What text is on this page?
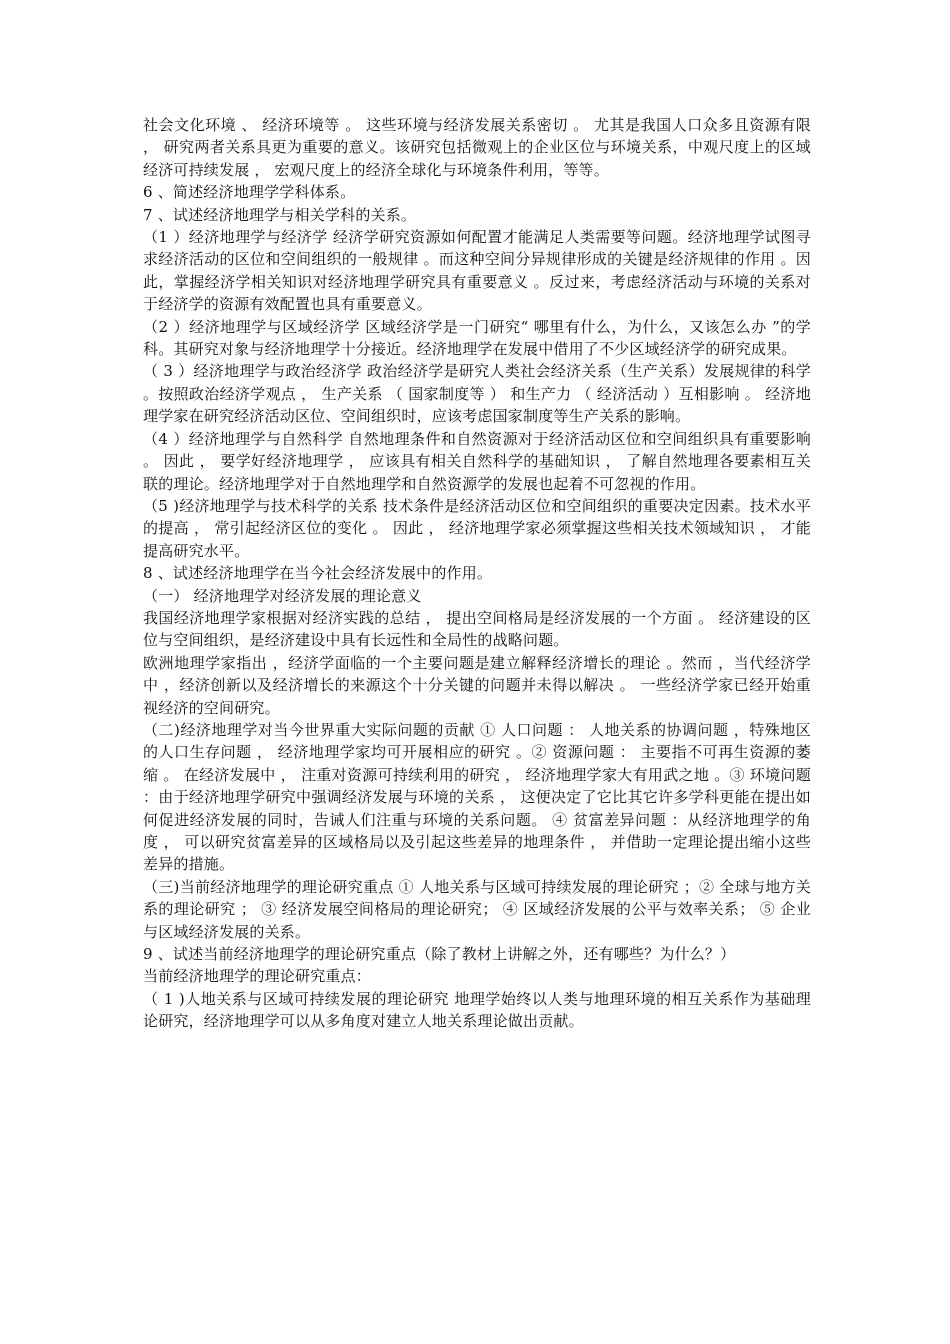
社会文化环境 、 经济环境等 。 这些环境与经济发展关系密切 。 尤其是我国人口众多且资源有限 ， 研究两者关系具更为重要的意义。该研究包括微观上的企业区位与环境关系，中观尺度上的区域经济可持续发展 ， 宏观尺度上的经济全球化与环境条件利用，等等。

6 、简述经济地理学学科体系。

7 、试述经济地理学与相关学科的关系。

（1 ）经济地理学与经济学 经济学研究资源如何配置才能满足人类需要等问题。经济地理学试图寻求经济活动的区位和空间组织的一般规律 。而这种空间分异规律形成的关键是经济规律的作用 。因此，掌握经济学相关知识对经济地理学研究具有重要意义 。反过来，考虑经济活动与环境的关系对于经济学的资源有效配置也具有重要意义。

（2 ）经济地理学与区域经济学 区域经济学是一门研究“ 哪里有什么，为什么，又该怎么办 ”的学科。其研究对象与经济地理学十分接近。经济地理学在发展中借用了不少区域经济学的研究成果。

（ 3 ）经济地理学与政治经济学 政治经济学是研究人类社会经济关系（生产关系）发展规律的科学 。按照政治经济学观点 ， 生产关系 （ 国家制度等 ） 和生产力 （ 经济活动 ）互相影响 。 经济地理学家在研究经济活动区位、空间组织时，应该考虑国家制度等生产关系的影响。

（4 ）经济地理学与自然科学 自然地理条件和自然资源对于经济活动区位和空间组织具有重要影响 。 因此 ， 要学好经济地理学 ， 应该具有相关自然科学的基础知识 ， 了解自然地理各要素相互关联的理论。经济地理学对于自然地理学和自然资源学的发展也起着不可忽视的作用。

（5 )经济地理学与技术科学的关系 技术条件是经济活动区位和空间组织的重要决定因素。技术水平的提高 ， 常引起经济区位的变化 。 因此 ， 经济地理学家必须掌握这些相关技术领域知识 ， 才能提高研究水平。

8 、试述经济地理学在当今社会经济发展中的作用。

（一） 经济地理学对经济发展的理论意义

我国经济地理学家根据对经济实践的总结 ， 提出空间格局是经济发展的一个方面 。 经济建设的区位与空间组织，是经济建设中具有长远性和全局性的战略问题。

欧洲地理学家指出 ，经济学面临的一个主要问题是建立解释经济增长的理论 。然而 ，当代经济学中 ，经济创新以及经济增长的来源这个十分关键的问题并未得以解决 。 一些经济学家已经开始重视经济的空间研究。

（二)经济地理学对当今世界重大实际问题的贡献 ① 人口问题 ： 人地关系的协调问题 ，特殊地区的人口生存问题 ， 经济地理学家均可开展相应的研究 。② 资源问题 ： 主要指不可再生资源的萎缩 。 在经济发展中 ， 注重对资源可持续利用的研究 ， 经济地理学家大有用武之地 。③ 环境问题 ：由于经济地理学研究中强调经济发展与环境的关系 ， 这便决定了它比其它许多学科更能在提出如何促进经济发展的同时，告诫人们注重与环境的关系问题。 ④ 贫富差异问题 ：从经济地理学的角度 ， 可以研究贫富差异的区域格局以及引起这些差异的地理条件 ， 并借助一定理论提出缩小这些差异的措施。

（三)当前经济地理学的理论研究重点 ① 人地关系与区域可持续发展的理论研究 ；② 全球与地方关系的理论研究 ； ③ 经济发展空间格局的理论研究； ④ 区域经济发展的公平与效率关系； ⑤ 企业与区域经济发展的关系。

9 、试述当前经济地理学的理论研究重点（除了教材上讲解之外，还有哪些？为什么？）

当前经济地理学的理论研究重点：

（ 1 )人地关系与区域可持续发展的理论研究 地理学始终以人类与地理环境的相互关系作为基础理论研究，经济地理学可以从多角度对建立人地关系理论做出贡献。
